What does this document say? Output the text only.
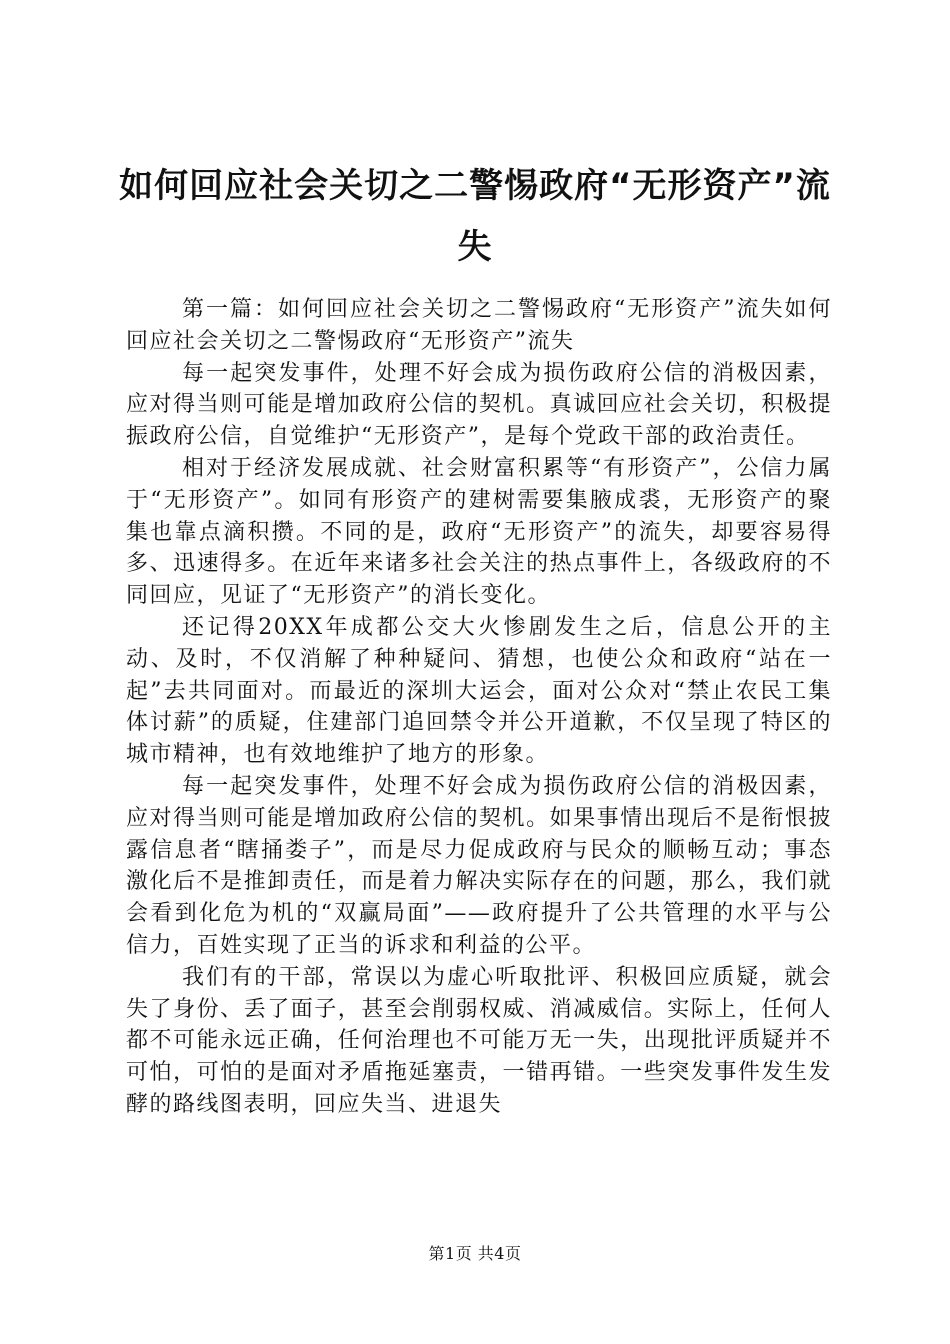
如何回应社会关切之二警惕政府“无形资产”流失

第一篇：如何回应社会关切之二警惕政府“无形资产”流失如何回应社会关切之二警惕政府“无形资产”流失

每一起突发事件，处理不好会成为损伤政府公信的消极因素，应对得当则可能是增加政府公信的契机。真诚回应社会关切，积极提振政府公信，自觉维护“无形资产”，是每个党政干部的政治责任。

相对于经济发展成就、社会财富积累等“有形资产”，公信力属于“无形资产”。如同有形资产的建树需要集腋成裘，无形资产的聚集也靠点滴积攒。不同的是，政府“无形资产”的流失，却要容易得多、迅速得多。在近年来诸多社会关注的热点事件上，各级政府的不同回应，见证了“无形资产”的消长变化。

还记得20XX年成都公交大火惨剧发生之后，信息公开的主动、及时，不仅消解了种种疑问、猜想，也使公众和政府“站在一起”去共同面对。而最近的深圳大运会，面对公众对“禁止农民工集体讨薪”的质疑，住建部门追回禁令并公开道歉，不仅呈现了特区的城市精神，也有效地维护了地方的形象。

每一起突发事件，处理不好会成为损伤政府公信的消极因素，应对得当则可能是增加政府公信的契机。如果事情出现后不是衔恨披露信息者“瞎捅娄子”，而是尽力促成政府与民众的顺畅互动；事态激化后不是推卸责任，而是着力解决实际存在的问题，那么，我们就会看到化危为机的“双赢局面”——政府提升了公共管理的水平与公信力，百姓实现了正当的诉求和利益的公平。

我们有的干部，常误以为虚心听取批评、积极回应质疑，就会失了身份、丢了面子，甚至会削弱权威、消减威信。实际上，任何人都不可能永远正确，任何治理也不可能万无一失，出现批评质疑并不可怕，可怕的是面对矛盾拖延塞责，一错再错。一些突发事件发生发酵的路线图表明，回应失当、进退失

第1页 共4页
